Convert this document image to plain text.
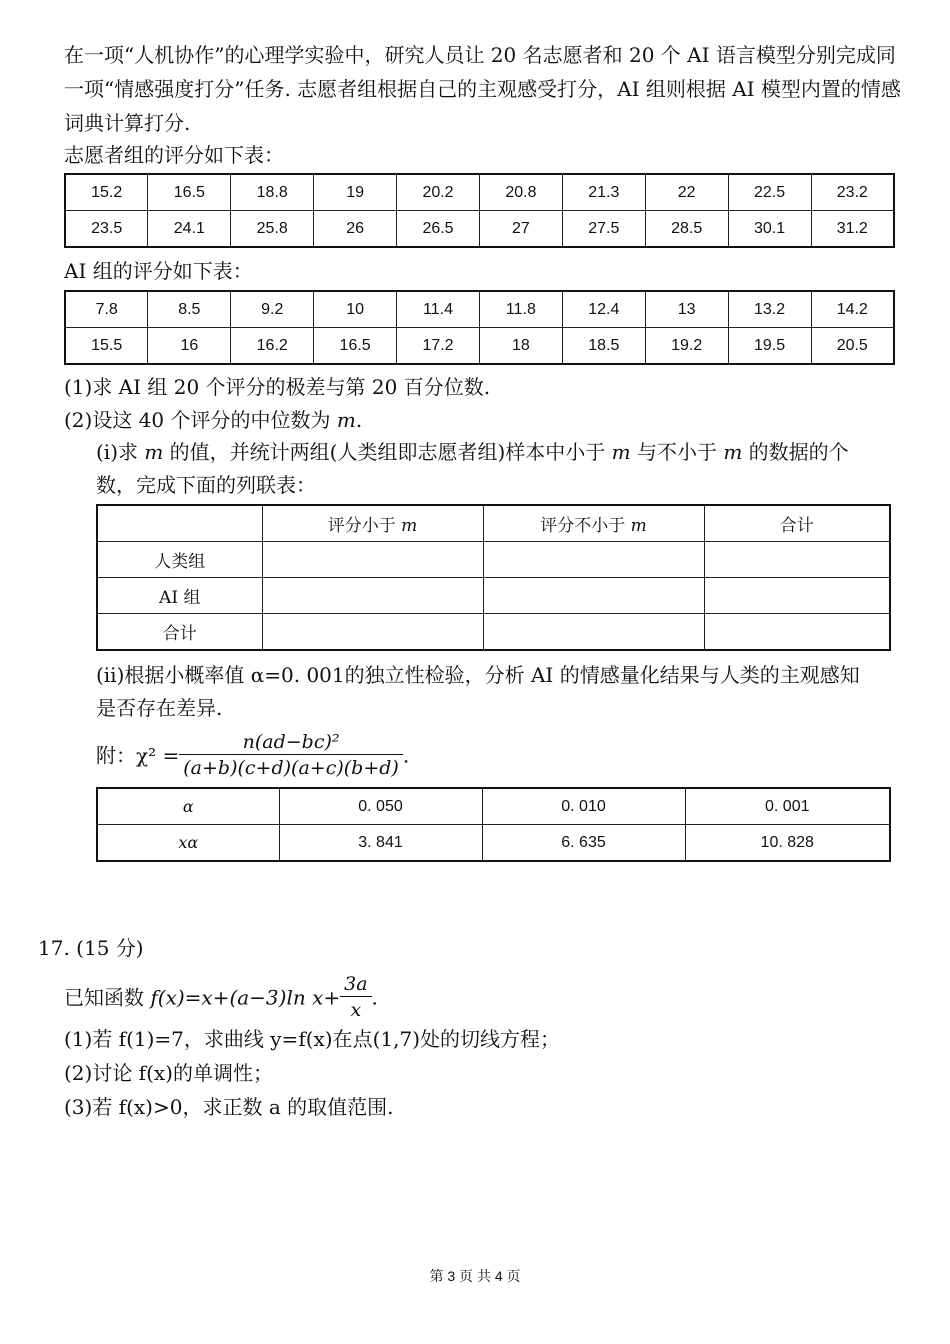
在一项“人机协作”的心理学实验中，研究人员让 20 名志愿者和 20 个 AI 语言模型分别完成同一项“情感强度打分”任务. 志愿者组根据自己的主观感受打分，AI 组则根据 AI 模型内置的情感词典计算打分.
志愿者组的评分如下表：
15.2	16.5	18.8	19	20.2	20.8	21.3	22	22.5	23.2
23.5	24.1	25.8	26	26.5	27	27.5	28.5	30.1	31.2
AI 组的评分如下表：
7.8	8.5	9.2	10	11.4	11.8	12.4	13	13.2	14.2
15.5	16	16.2	16.5	17.2	18	18.5	19.2	19.5	20.5
(1)求 AI 组 20 个评分的极差与第 20 百分位数.
(2)设这 40 个评分的中位数为 m.
(ⅰ)求 m 的值，并统计两组(人类组即志愿者组)样本中小于 m 与不小于 m 的数据的个
数，完成下面的列联表：
	评分小于 m	评分不小于 m	合计
人类组			
AI 组			
合计			
(ⅱ)根据小概率值 α=0. 001的独立性检验，分析 AI 的情感量化结果与人类的主观感知
是否存在差异.
附：$\chi^2 = \frac{\text{n(ad−bc)²}}{(a+b)(c+d)(a+c)(b+d)}$ .
α	0. 050	0. 010	0. 001
xα	3. 841	6. 635	10. 828
17. (15 分)
已知函数 f(x)=x+(a−3)ln $x+ \frac{3a}{x}$ .
(1)若 f(1)=7，求曲线 y=f(x)在点(1,7)处的切线方程；
(2)讨论 f(x)的单调性；
(3)若 f(x)>0，求正数 a 的取值范围.
第 3 页 共 4 页
